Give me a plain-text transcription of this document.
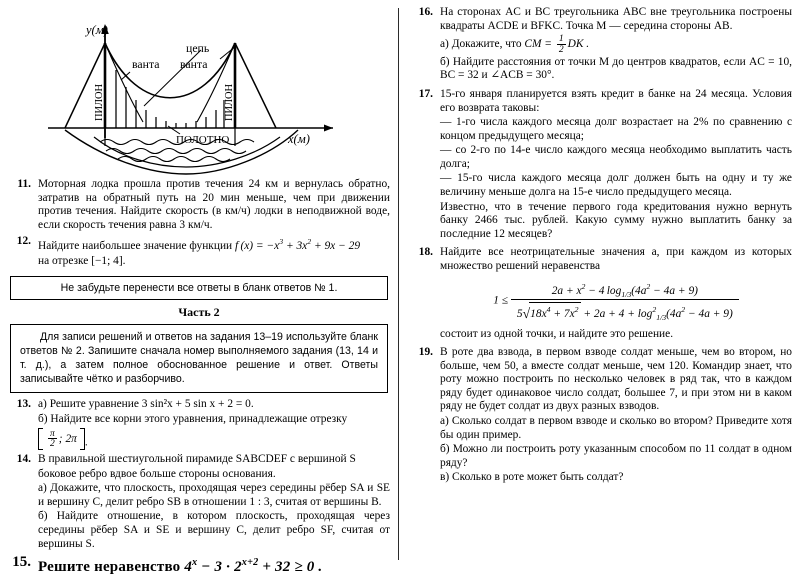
y(м)
x(м)
ванта
цепь
ванта
ПИЛОН	ПИЛОН
ПОЛОТНО
11. Моторная лодка прошла против течения 24 км и вернулась обратно, затратив на обратный путь на 20 мин меньше, чем при движении против течения. Найдите скорость (в км/ч) лодки в неподвижной воде, если скорость течения равна 3 км/ч.

12. Найдите наибольшее значение функции f $(x) = -x^3 + 3x^2 + 9x - 29$

на отрезке [−1; 4].

Не забудьте перенести все ответы в бланк ответов № 1.
Часть 2

Для записи решений и ответов на задания 13–19 используйте бланк ответов № 2. Запишите сначала номер выполняемого задания (13, 14 и т. д.), а затем полное обоснованное решение и ответ. Ответы записывайте чётко и разборчиво.

13. а) Решите уравнение 3 sin²x + 5 sin x + 2 = 0.

б) Найдите все корни этого уравнения, принадлежащие отрезку

$\frac{\pi}{2}$ ; 2π .

14. В правильной шестиугольной пирамиде SABCDEF с вершиной S

боковое ребро вдвое больше стороны основания.

а) Докажите, что плоскость, проходящая через середины рёбер SA и SE и вершину C, делит ребро SB в отношении 1 : 3, считая от вершины B.

б) Найдите отношение, в котором плоскость, проходящая через середины рёбер SA и SE и вершину C, делит ребро SF, считая от вершины S.

15. Решите неравенство $4^x - 3 \cdot 2^{x+2} + 32 \ge 0$ .
16. На сторонах AC и BC треугольника ABC вне треугольника построены квадраты ACDE и BFKC. Точка M — середина стороны AB.

а) Докажите, что CM = $\frac{1}{2}$ DK .

б) Найдите расстояния от точки M до центров квадратов, если AC = 10, BC = 32 и ∠ACB = 30°.

17. 15-го января планируется взять кредит в банке на 24 месяца. Условия его возврата таковы:

— 1-го числа каждого месяца долг возрастает на 2% по сравнению с концом предыдущего месяца;

— со 2-го по 14-е число каждого месяца необходимо выплатить часть долга;

— 15-го числа каждого месяца долг должен быть на одну и ту же величину меньше долга на 15-е число предыдущего месяца.

Известно, что в течение первого года кредитования нужно вернуть банку 2466 тыс. рублей. Какую сумму нужно выплатить банку за последние 12 месяцев?

18. Найдите все неотрицательные значения a, при каждом из которых множество решений неравенства

$1 \le \frac{2a + x^2 - 4 \log_{1/3}(4a^2 - 4a + 9)}{5√18x^4 + 7x^2 + 2a + 4 + \log^2_{1/3}(4a^2 - 4a + 9)}$

состоит из одной точки, и найдите это решение.

19. В роте два взвода, в первом взводе солдат меньше, чем во втором, но больше, чем 50, а вместе солдат меньше, чем 120. Командир знает, что роту можно построить по несколько человек в ряд так, что в каждом ряду будет одинаковое число солдат, большее 7, и при этом ни в каком ряду не будет солдат из двух разных взводов.

а) Сколько солдат в первом взводе и сколько во втором? Приведите хотя бы один пример.

б) Можно ли построить роту указанным способом по 11 солдат в одном ряду?

в) Сколько в роте может быть солдат?
